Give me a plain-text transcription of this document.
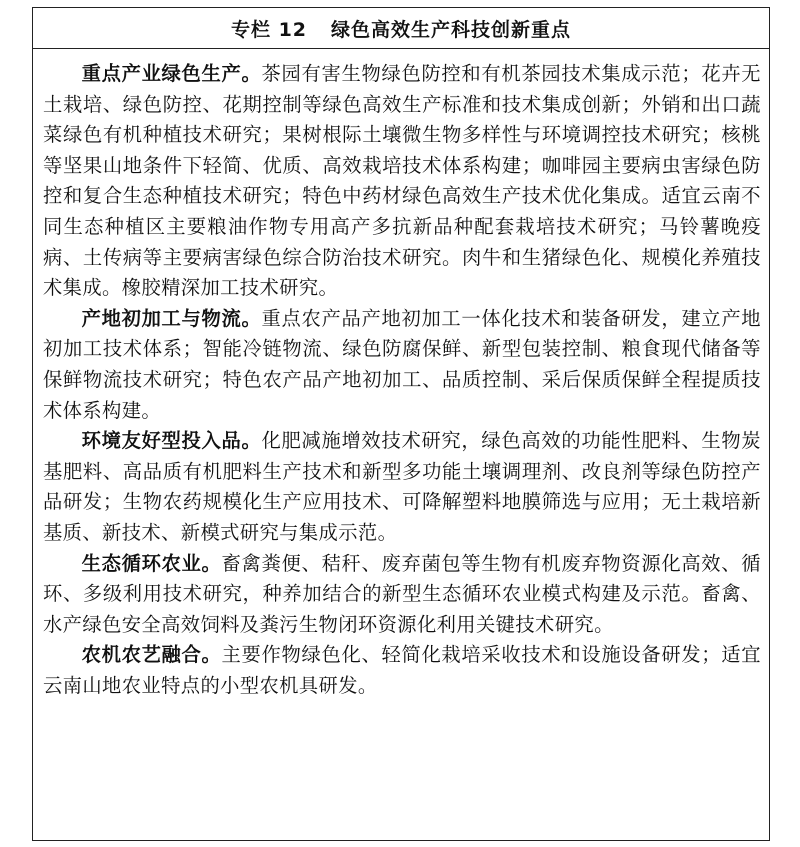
专栏 12 绿色高效生产科技创新重点

重点产业绿色生产。茶园有害生物绿色防控和有机茶园技术集成示范；花卉无土栽培、绿色防控、花期控制等绿色高效生产标准和技术集成创新；外销和出口蔬菜绿色有机种植技术研究；果树根际土壤微生物多样性与环境调控技术研究；核桃等坚果山地条件下轻简、优质、高效栽培技术体系构建；咖啡园主要病虫害绿色防控和复合生态种植技术研究；特色中药材绿色高效生产技术优化集成。适宜云南不同生态种植区主要粮油作物专用高产多抗新品种配套栽培技术研究；马铃薯晚疫病、土传病等主要病害绿色综合防治技术研究。肉牛和生猪绿色化、规模化养殖技术集成。橡胶精深加工技术研究。

产地初加工与物流。重点农产品产地初加工一体化技术和装备研发，建立产地初加工技术体系；智能冷链物流、绿色防腐保鲜、新型包装控制、粮食现代储备等保鲜物流技术研究；特色农产品产地初加工、品质控制、采后保质保鲜全程提质技术体系构建。

环境友好型投入品。化肥减施增效技术研究，绿色高效的功能性肥料、生物炭基肥料、高品质有机肥料生产技术和新型多功能土壤调理剂、改良剂等绿色防控产品研发；生物农药规模化生产应用技术、可降解塑料地膜筛选与应用；无土栽培新基质、新技术、新模式研究与集成示范。

生态循环农业。畜禽粪便、秸秆、废弃菌包等生物有机废弃物资源化高效、循环、多级利用技术研究，种养加结合的新型生态循环农业模式构建及示范。畜禽、水产绿色安全高效饲料及粪污生物闭环资源化利用关键技术研究。

农机农艺融合。主要作物绿色化、轻简化栽培采收技术和设施设备研发；适宜云南山地农业特点的小型农机具研发。
